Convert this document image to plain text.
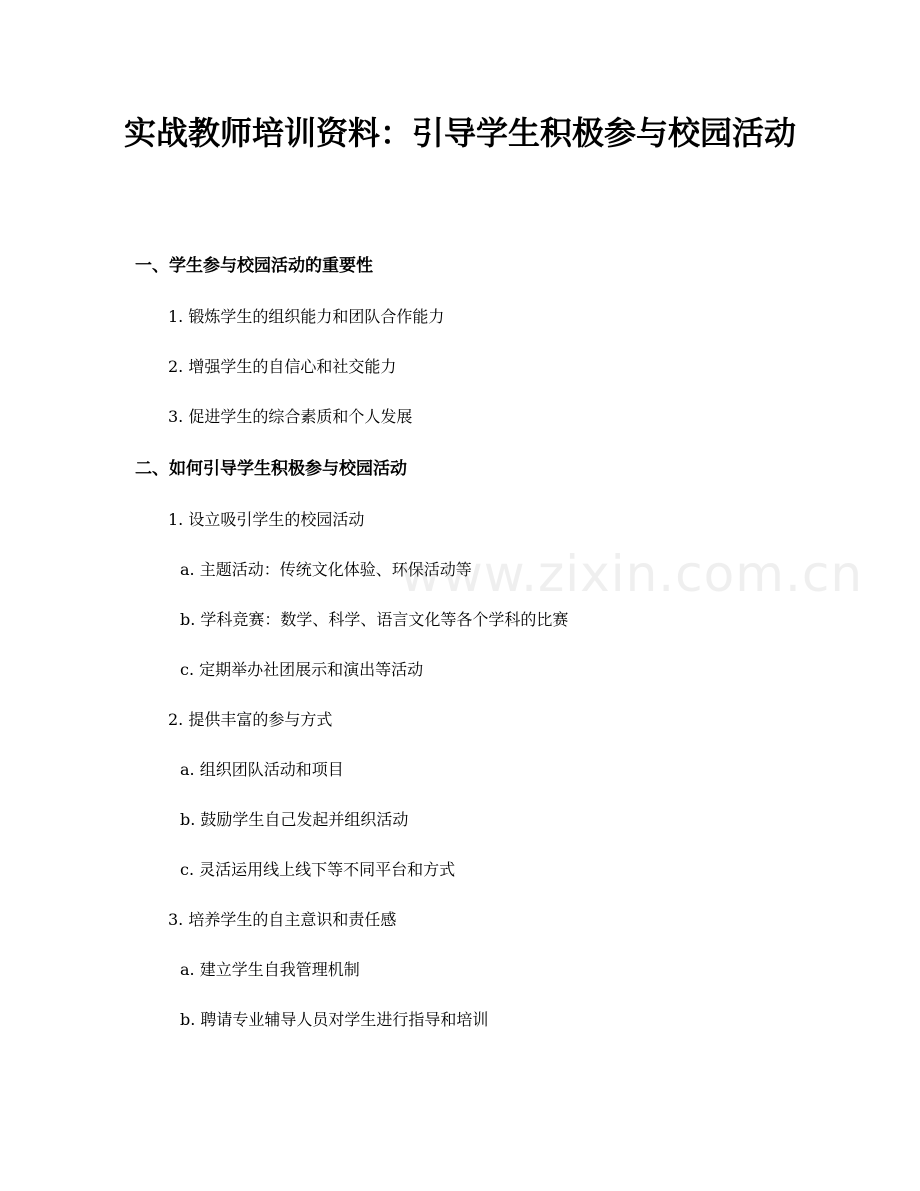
实战教师培训资料：引导学生积极参与校园活动
一、学生参与校园活动的重要性
1. 锻炼学生的组织能力和团队合作能力
2. 增强学生的自信心和社交能力
3. 促进学生的综合素质和个人发展
二、如何引导学生积极参与校园活动
1. 设立吸引学生的校园活动
a. 主题活动：传统文化体验、环保活动等
b. 学科竞赛：数学、科学、语言文化等各个学科的比赛
c. 定期举办社团展示和演出等活动
2. 提供丰富的参与方式
a. 组织团队活动和项目
b. 鼓励学生自己发起并组织活动
c. 灵活运用线上线下等不同平台和方式
3. 培养学生的自主意识和责任感
a. 建立学生自我管理机制
b. 聘请专业辅导人员对学生进行指导和培训
www.zixin.com.cn
